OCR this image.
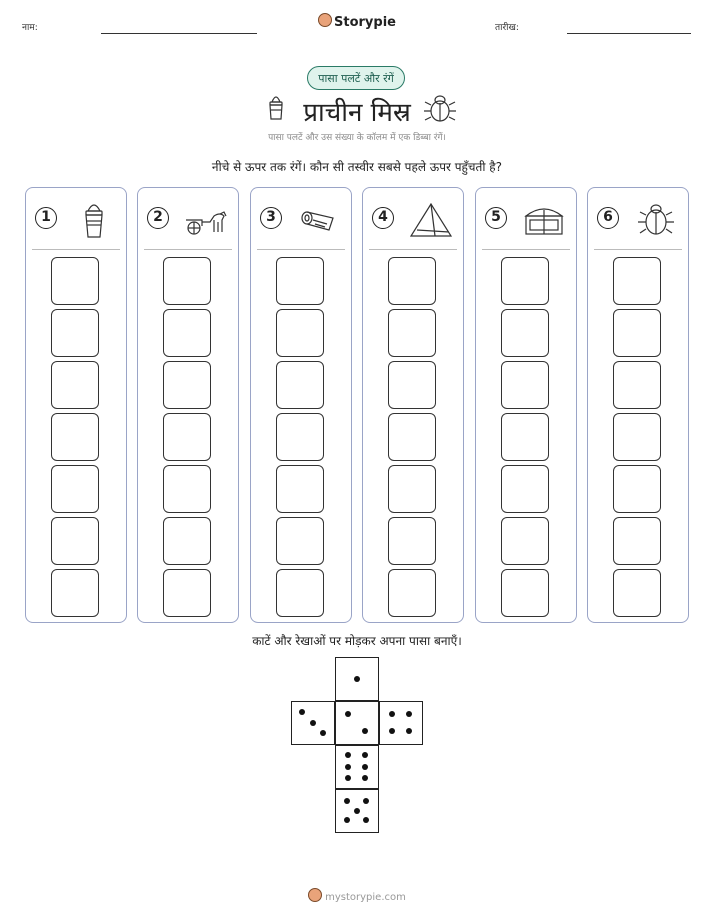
नाम:	Storypie	तारीख:
पासा पलटें और रंगें
प्राचीन मिस्र
पासा पलटें और उस संख्या के कॉलम में एक डिब्बा रंगें।
नीचे से ऊपर तक रंगें। कौन सी तस्वीर सबसे पहले ऊपर पहुँचती है?
1	2	3	4	5	6
काटें और रेखाओं पर मोड़कर अपना पासा बनाएँ।
mystorypie.com
